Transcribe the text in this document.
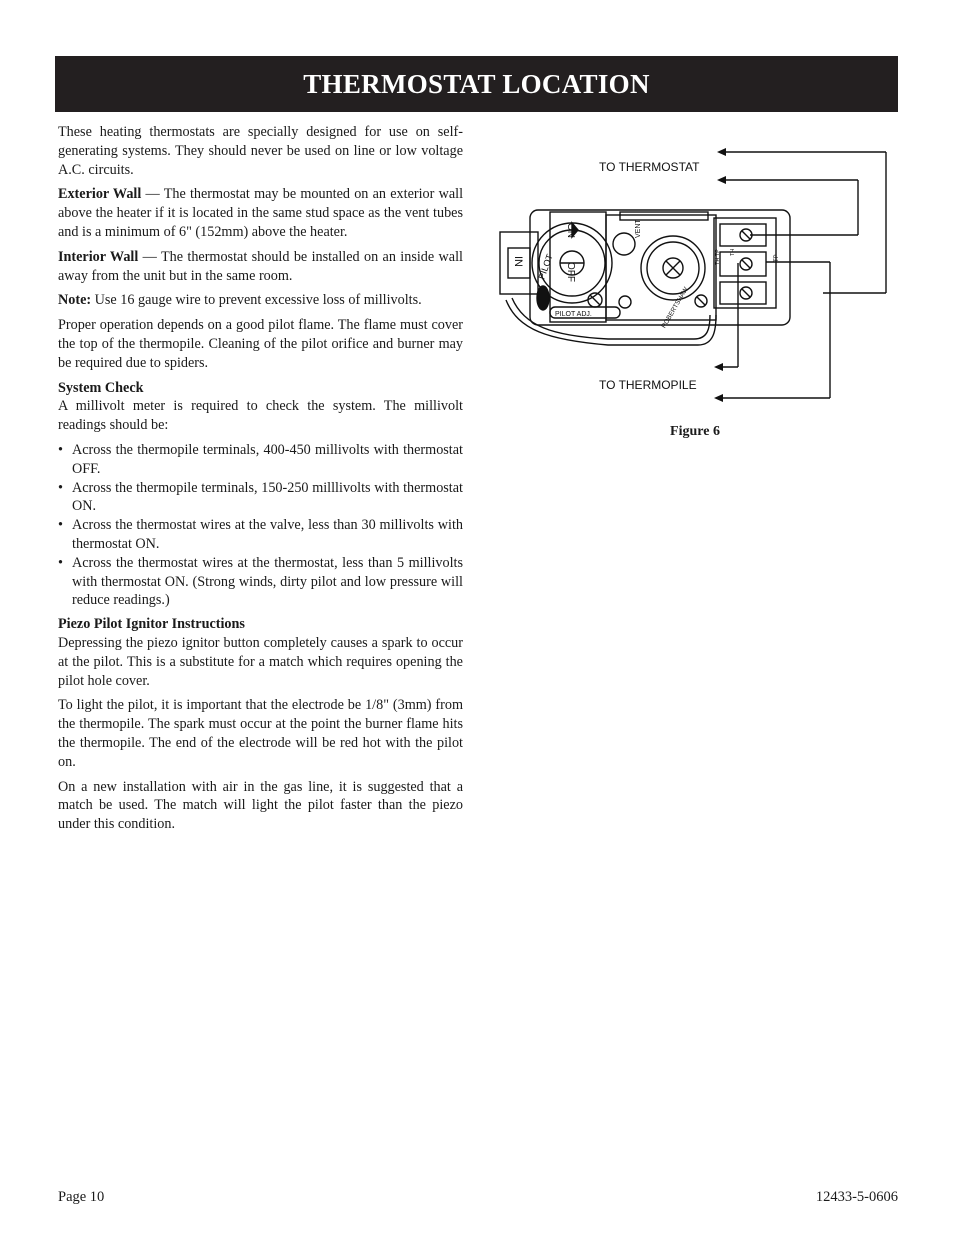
THERMOSTAT LOCATION

These heating thermostats are specially designed for use on self-generating systems. They should never be used on line or low voltage A.C. circuits.

Exterior Wall — The thermostat may be mounted on an exterior wall above the heater if it is located in the same stud space as the vent tubes and is a minimum of 6" (152mm) above the heater.

Interior Wall — The thermostat should be installed on an inside wall away from the unit but in the same room.

Note: Use 16 gauge wire to prevent excessive loss of millivolts.

Proper operation depends on a good pilot flame. The flame must cover the top of the thermopile. Cleaning of the pilot orifice and burner may be required due to spiders.

System Check

A millivolt meter is required to check the system. The millivolt readings should be:

• Across the thermopile terminals, 400-450 millivolts with thermostat OFF.
• Across the thermopile terminals, 150-250 milllivolts with thermostat ON.
• Across the thermostat wires at the valve, less than 30 millivolts with thermostat ON.
• Across the thermostat wires at the thermostat, less than 5 millivolts with thermostat ON. (Strong winds, dirty pilot and low pressure will reduce readings.)

Piezo Pilot Ignitor Instructions

Depressing the piezo ignitor button completely causes a spark to occur at the pilot. This is a substitute for a match which requires opening the pilot hole cover.

To light the pilot, it is important that the electrode be 1/8" (3mm) from the thermopile. The spark must occur at the point the burner flame hits the thermopile. The end of the electrode will be red hot with the pilot on.

On a new installation with air in the gas line, it is suggested that a match be used. The match will light the pilot faster than the piezo under this condition.

TO THERMOSTAT
TO THERMOPILE
ON
OFF
PILOT
IN
VENT
ROBERTSHAW
PILOT ADJ.
TP
TH TP TH
Figure 6
Page 10	12433-5-0606
